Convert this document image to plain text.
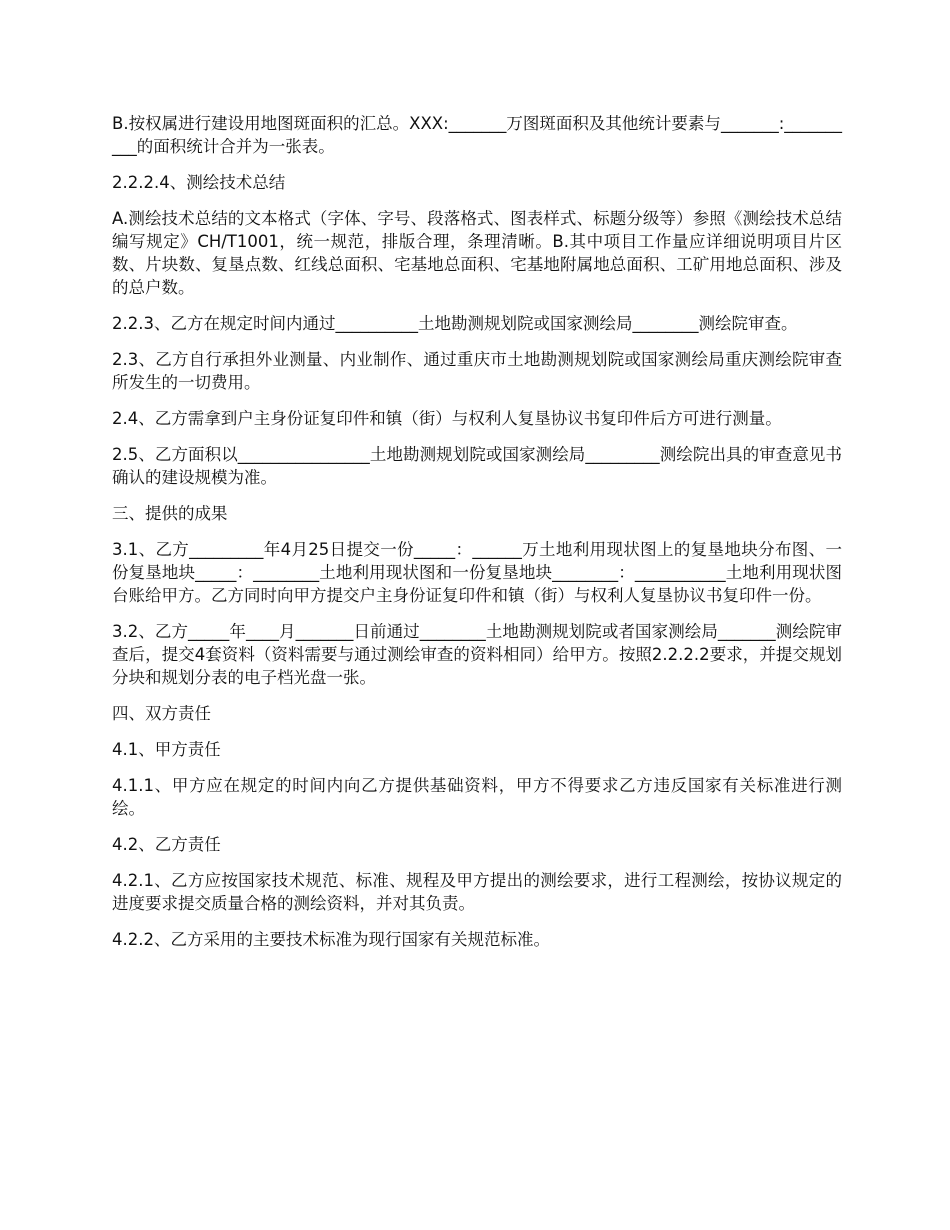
B.按权属进行建设用地图斑面积的汇总。XXX:_______万图斑面积及其他统计要素与_______:__________的面积统计合并为一张表。

2.2.2.4、测绘技术总结

A.测绘技术总结的文本格式（字体、字号、段落格式、图表样式、标题分级等）参照《测绘技术总结编写规定》CH/T1001，统一规范，排版合理，条理清晰。B.其中项目工作量应详细说明项目片区数、片块数、复垦点数、红线总面积、宅基地总面积、宅基地附属地总面积、工矿用地总面积、涉及的总户数。

2.2.3、乙方在规定时间内通过__________土地勘测规划院或国家测绘局________测绘院审查。

2.3、乙方自行承担外业测量、内业制作、通过重庆市土地勘测规划院或国家测绘局重庆测绘院审查所发生的一切费用。

2.4、乙方需拿到户主身份证复印件和镇（街）与权利人复垦协议书复印件后方可进行测量。

2.5、乙方面积以________________土地勘测规划院或国家测绘局_________测绘院出具的审查意见书确认的建设规模为准。

三、提供的成果

3.1、乙方_________年4月25日提交一份_____：______万土地利用现状图上的复垦地块分布图、一份复垦地块_____：________土地利用现状图和一份复垦地块________：___________土地利用现状图台账给甲方。乙方同时向甲方提交户主身份证复印件和镇（街）与权利人复垦协议书复印件一份。

3.2、乙方_____年____月_______日前通过________土地勘测规划院或者国家测绘局_______测绘院审查后，提交4套资料（资料需要与通过测绘审查的资料相同）给甲方。按照2.2.2.2要求，并提交规划分块和规划分表的电子档光盘一张。

四、双方责任

4.1、甲方责任

4.1.1、甲方应在规定的时间内向乙方提供基础资料，甲方不得要求乙方违反国家有关标准进行测绘。

4.2、乙方责任

4.2.1、乙方应按国家技术规范、标准、规程及甲方提出的测绘要求，进行工程测绘，按协议规定的进度要求提交质量合格的测绘资料，并对其负责。

4.2.2、乙方采用的主要技术标准为现行国家有关规范标准。
